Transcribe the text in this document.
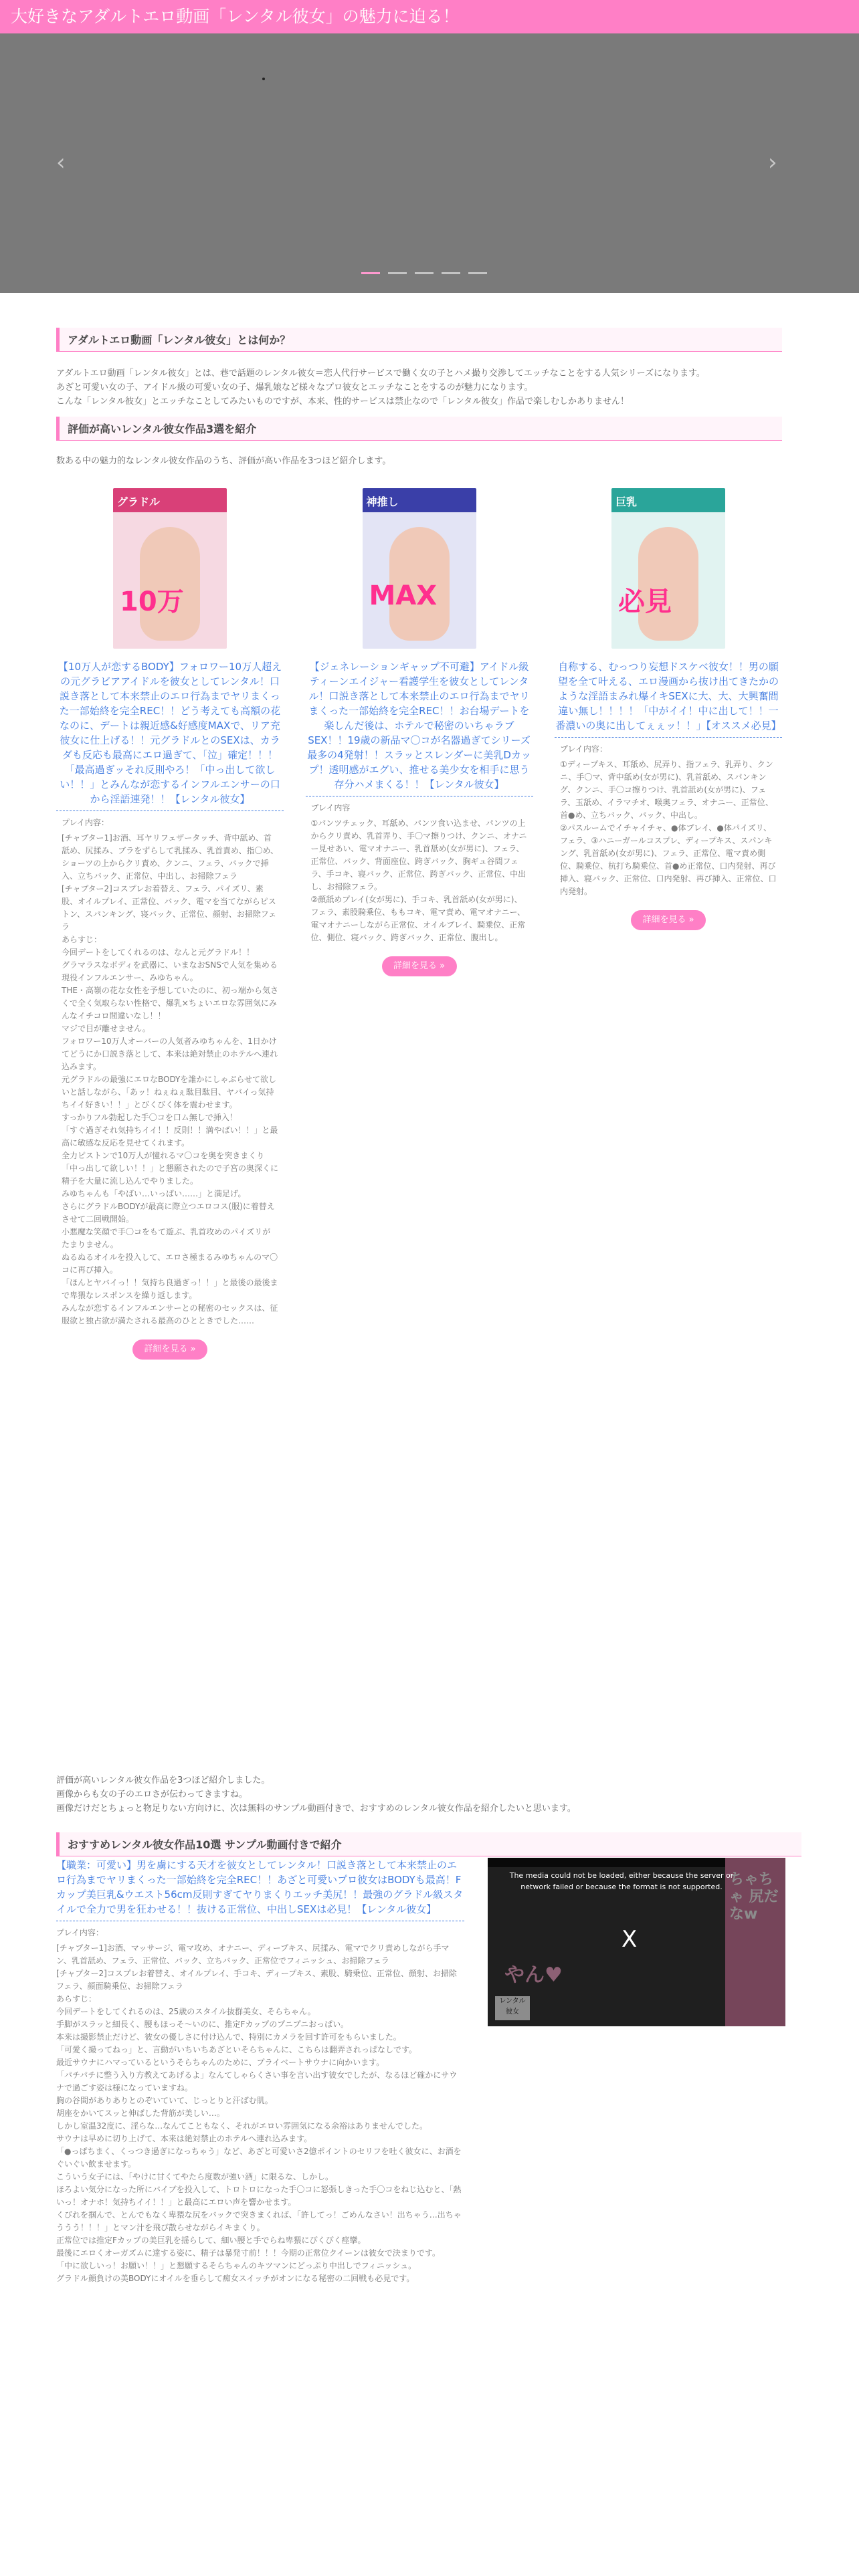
大好きなアダルトエロ動画「レンタル彼女」の魅力に迫る！
‹	›
アダルトエロ動画「レンタル彼女」とは何か？

アダルトエロ動画「レンタル彼女」とは、巷で話題のレンタル彼女＝恋人代行サービスで働く女の子とハメ撮り交渉してエッチなことをする人気シリーズになります。

あざと可愛い女の子、アイドル級の可愛い女の子、爆乳娘など様々なプロ彼女とエッチなことをするのが魅力になります。

こんな「レンタル彼女」とエッチなことしてみたいものですが、本来、性的サービスは禁止なので「レンタル彼女」作品で楽しむしかありません！

評価が高いレンタル彼女作品3選を紹介

数ある中の魅力的なレンタル彼女作品のうち、評価が高い作品を3つほど紹介します。

グラドル
10万
【10万人が恋するBODY】フォロワー10万人超えの元グラビアアイドルを彼女としてレンタル！口説き落として本来禁止のエロ行為までヤリまくった一部始終を完全REC！！どう考えても高額の花なのに、デートは親近感&好感度MAXで、リア充彼女に仕上げる！！元グラドルとのSEXは、カラダも反応も最高にエロ過ぎて、「泣」確定！！！「最高過ぎッそれ反則やろ！「中っ出して欲しい！！」とみんなが恋するインフルエンサーの口から淫語連発！！【レンタル彼女】

プレイ内容：

[チャプター1]お酒、耳ヤリフェザータッチ、背中舐め、首舐め、尻揉み、ブラをずらして乳揉み、乳首責め、指〇め、ショーツの上からクリ責め、クンニ、フェラ、バックで挿入、立ちバック、正常位、中出し、お掃除フェラ
[チャプター2]コスプレお着替え、フェラ、パイズリ、素股、オイルプレイ、正常位、バック、電マを当てながらピストン、スパンキング、寝バック、正常位、顔射、お掃除フェラ
あらすじ：
今回デートをしてくれるのは、なんと元グラドル！！
グラマラスなボディを武器に、いまなおSNSで人気を集める現役インフルエンサー、みゆちゃん。
THE・高嶺の花な女性を予想していたのに、初っ端から気さくで全く気取らない性格で、爆乳×ちょいエロな雰囲気にみんなイチコロ間違いなし！！
マジで目が離せません。
フォロワー10万人オーバーの人気者みゆちゃんを、1日かけてどうにか口説き落として、本来は絶対禁止のホテルへ連れ込みます。
元グラドルの最強にエロなBODYを誰かにしゃぶらせて欲しいと話しながら、「あッ！ねぇねぇ駄目駄目、ヤバイっ気持ちイイ好きい！！」とびくびく体を震わせます。
すっかりフル勃起した手〇コを口ム無しで挿入！
「すぐ過ぎそれ気持ちイイ！！反則！！満やばい！！」と最高に敏感な反応を見せてくれます。
全力ピストンで10万人が憧れるマ〇コを奥を突きまくり「中っ出して欲しい！！」と懇願されたので子宮の奥深くに精子を大量に流し込んでやりました。
みゆちゃんも「やばい…いっぱい……」と満足げ。
さらにグラドルBODYが最高に際立つエロコス(服)に着替えさせて二回戦開始。
小悪魔な笑顔で手〇コをもて遊ぶ、乳首攻めのパイズリがたまりません。
ぬるぬるオイルを投入して、エロさ極まるみゆちゃんのマ〇コに再び挿入。
「ほんとヤバイっ！！気持ち良過ぎっ！！」と最後の最後まで卑猥なレスポンスを繰り返します。
みんなが恋するインフルエンサーとの秘密のセックスは、征服欲と独占欲が満たされる最高のひとときでした……

詳細を見る »
神推し
MAX
【ジェネレーションギャップ不可避】アイドル級ティーンエイジャー看護学生を彼女としてレンタル！口説き落として本来禁止のエロ行為までヤリまくった一部始終を完全REC！！お台場デートを楽しんだ後は、ホテルで秘密のいちゃラブSEX！！19歳の新品マ〇コが名器過ぎてシリーズ最多の4発射！！スラッとスレンダーに美乳Dカップ！透明感がエグい、推せる美少女を相手に思う存分ハメまくる！！【レンタル彼女】

プレイ内容

①パンツチェック、耳舐め、パンツ食い込ませ、パンツの上からクリ責め、乳首弄り、手〇マ擦りつけ、クンニ、オナニー見せあい、電マオナニー、乳首舐め(女が男に)、フェラ、正常位、バック、背面座位、跨ぎバック、胸ギュ谷間フェラ、手コキ、寝バック、正常位、跨ぎバック、正常位、中出し、お掃除フェラ。
②顔舐めプレイ(女が男に)、手コキ、乳首舐め(女が男に)、フェラ、素股騎乗位、ももコキ、電マ責め、電マオナニー、電マオナニーしながら正常位、オイルプレイ、騎乗位、正常位、側位、寝バック、跨ぎバック、正常位、腹出し。

詳細を見る »
巨乳
必見
自称する、むっつり妄想ドスケベ彼女！！男の願望を全て叶える、エロ漫画から抜け出てきたかのような淫語まみれ爆イキSEXに大、大、大興奮間違い無し！！！！「中がイイ！中に出して！！一番濃いの奥に出してぇぇッ！！」【オススメ必見】

プレイ内容：

①ディープキス、耳舐め、尻弄り、指フェラ、乳弄り、クンニ、手〇マ、背中舐め(女が男に)、乳首舐め、スパンキング、クンニ、手〇コ擦りつけ、乳首舐め(女が男に)、フェラ、玉舐め、イラマチオ、喉奥フェラ、オナニー、正常位、首●め、立ちバック、バック、中出し。
②パスルームでイチャイチャ、●体プレイ、●体パイズリ、フェラ、③ハニーガールコスプレ、ディープキス、スパンキング、乳首舐め(女が男に)、フェラ、正常位、電マ責め側位、騎乗位、杭打ち騎乗位、首●め正常位、口内発射、再び挿入、寝バック、正常位、口内発射、再び挿入、正常位、口内発射。

詳細を見る »

評価が高いレンタル彼女作品を3つほど紹介しました。

画像からも女の子のエロさが伝わってきますね。

画像だけだとちょっと物足りない方向けに、次は無料のサンプル動画付きで、おすすめのレンタル彼女作品を紹介したいと思います。

おすすめレンタル彼女作品10選 サンプル動画付きで紹介
【職業：可愛い】男を虜にする天才を彼女としてレンタル！口説き落として本来禁止のエロ行為までヤリまくった一部始終を完全REC！！あざと可愛いプロ彼女はBODYも最高！Fカップ美巨乳&ウエスト56cm反則すぎてヤりまくりエッチ美尻！！最強のグラドル級スタイルで全力で男を狂わせる！！抜ける正常位、中出しSEXは必見！【レンタル彼女】

プレイ内容：

[チャプター1]お酒、マッサージ、電マ攻め、オナニー、ディープキス、尻揉み、電マでクリ責めしながら手マン、乳首舐め、フェラ、正常位、バック、立ちバック、正常位でフィニッシュ、お掃除フェラ
[チャプター2]コスプレお着替え、オイルプレイ、手コキ、ディープキス、素股、騎乗位、正常位、顔射、お掃除フェラ、顔面騎乗位、お掃除フェラ
あらすじ：
今回デートをしてくれるのは、25歳のスタイル抜群美女、そらちゃん。
手脚がスラッと細長く、腰もほっそ～いのに、推定Fカップのプニプニおっぱい。
本来は撮影禁止だけど、彼女の優しさに付け込んで、特別にカメラを回す許可をもらいました。
「可愛く撮ってねっ」と、言動がいちいちあざといそらちゃんに、こちらは翻弄されっぱなしです。
最近サウナにハマっているというそらちゃんのために、プライベートサウナに向かいます。
「パチパチに整う入り方教えてあげるよ」なんてしゃらくさい事を言い出す彼女でしたが、なるほど確かにサウナで過ごす姿は様になっていますね。
胸の谷間がありありとのぞいていて、じっとりと汗ばむ肌。
胡座をかいてスッと伸ばした背筋が美しい…。
しかし室温32度に、淫らな…なんてこともなく、それがエロい雰囲気になる余裕はありませんでした。
サウナは早めに切り上げて、本来は絶対禁止のホテルへ連れ込みます。
「●っぱちまく、くっつき過ぎになっちゃう」など、あざと可愛いさ2億ポイントのセリフを吐く彼女に、お酒をぐいぐい飲ませます。
こういう女子には、「やけに甘くてやたら度数が強い酒」に限るな、しかし。
ほろよい気分になった所にバイブを投入して、トロトロになった手〇コに怒張しきった手〇コをねじ込むと、「熱いっ！オナホ！気持ちイイ！！」と最高にエロい声を響かせます。
くびれを掴んで、とんでもなく卑猥な尻をバックで突きまくれば、「許してっ！ごめんなさい！出ちゃう…出ちゃううう！！！」とマン汁を飛び散らせながらイキまくり。
正常位では推定Fカップの美巨乳を揺らして、細い腰と手でらね卑猥にぴくぴく痙攣。
最後にエロくオーガズムに達する姿に、精子は暴発寸前！！！今期の正常位クイーンは彼女で決まりです。
「中に欲しいっ！お願い！！」と懇願するそらちゃんのキツマンにどっぷり中出しでフィニッシュ。
グラドル顔負けの美BODYにオイルを垂らして痴女スイッチがオンになる秘密の二回戦も必見です。

やん♥
ちゃちゃ 尻だ なw
レンタル 彼女
The media could not be loaded, either because the server or network failed or because the format is not supported.
X
